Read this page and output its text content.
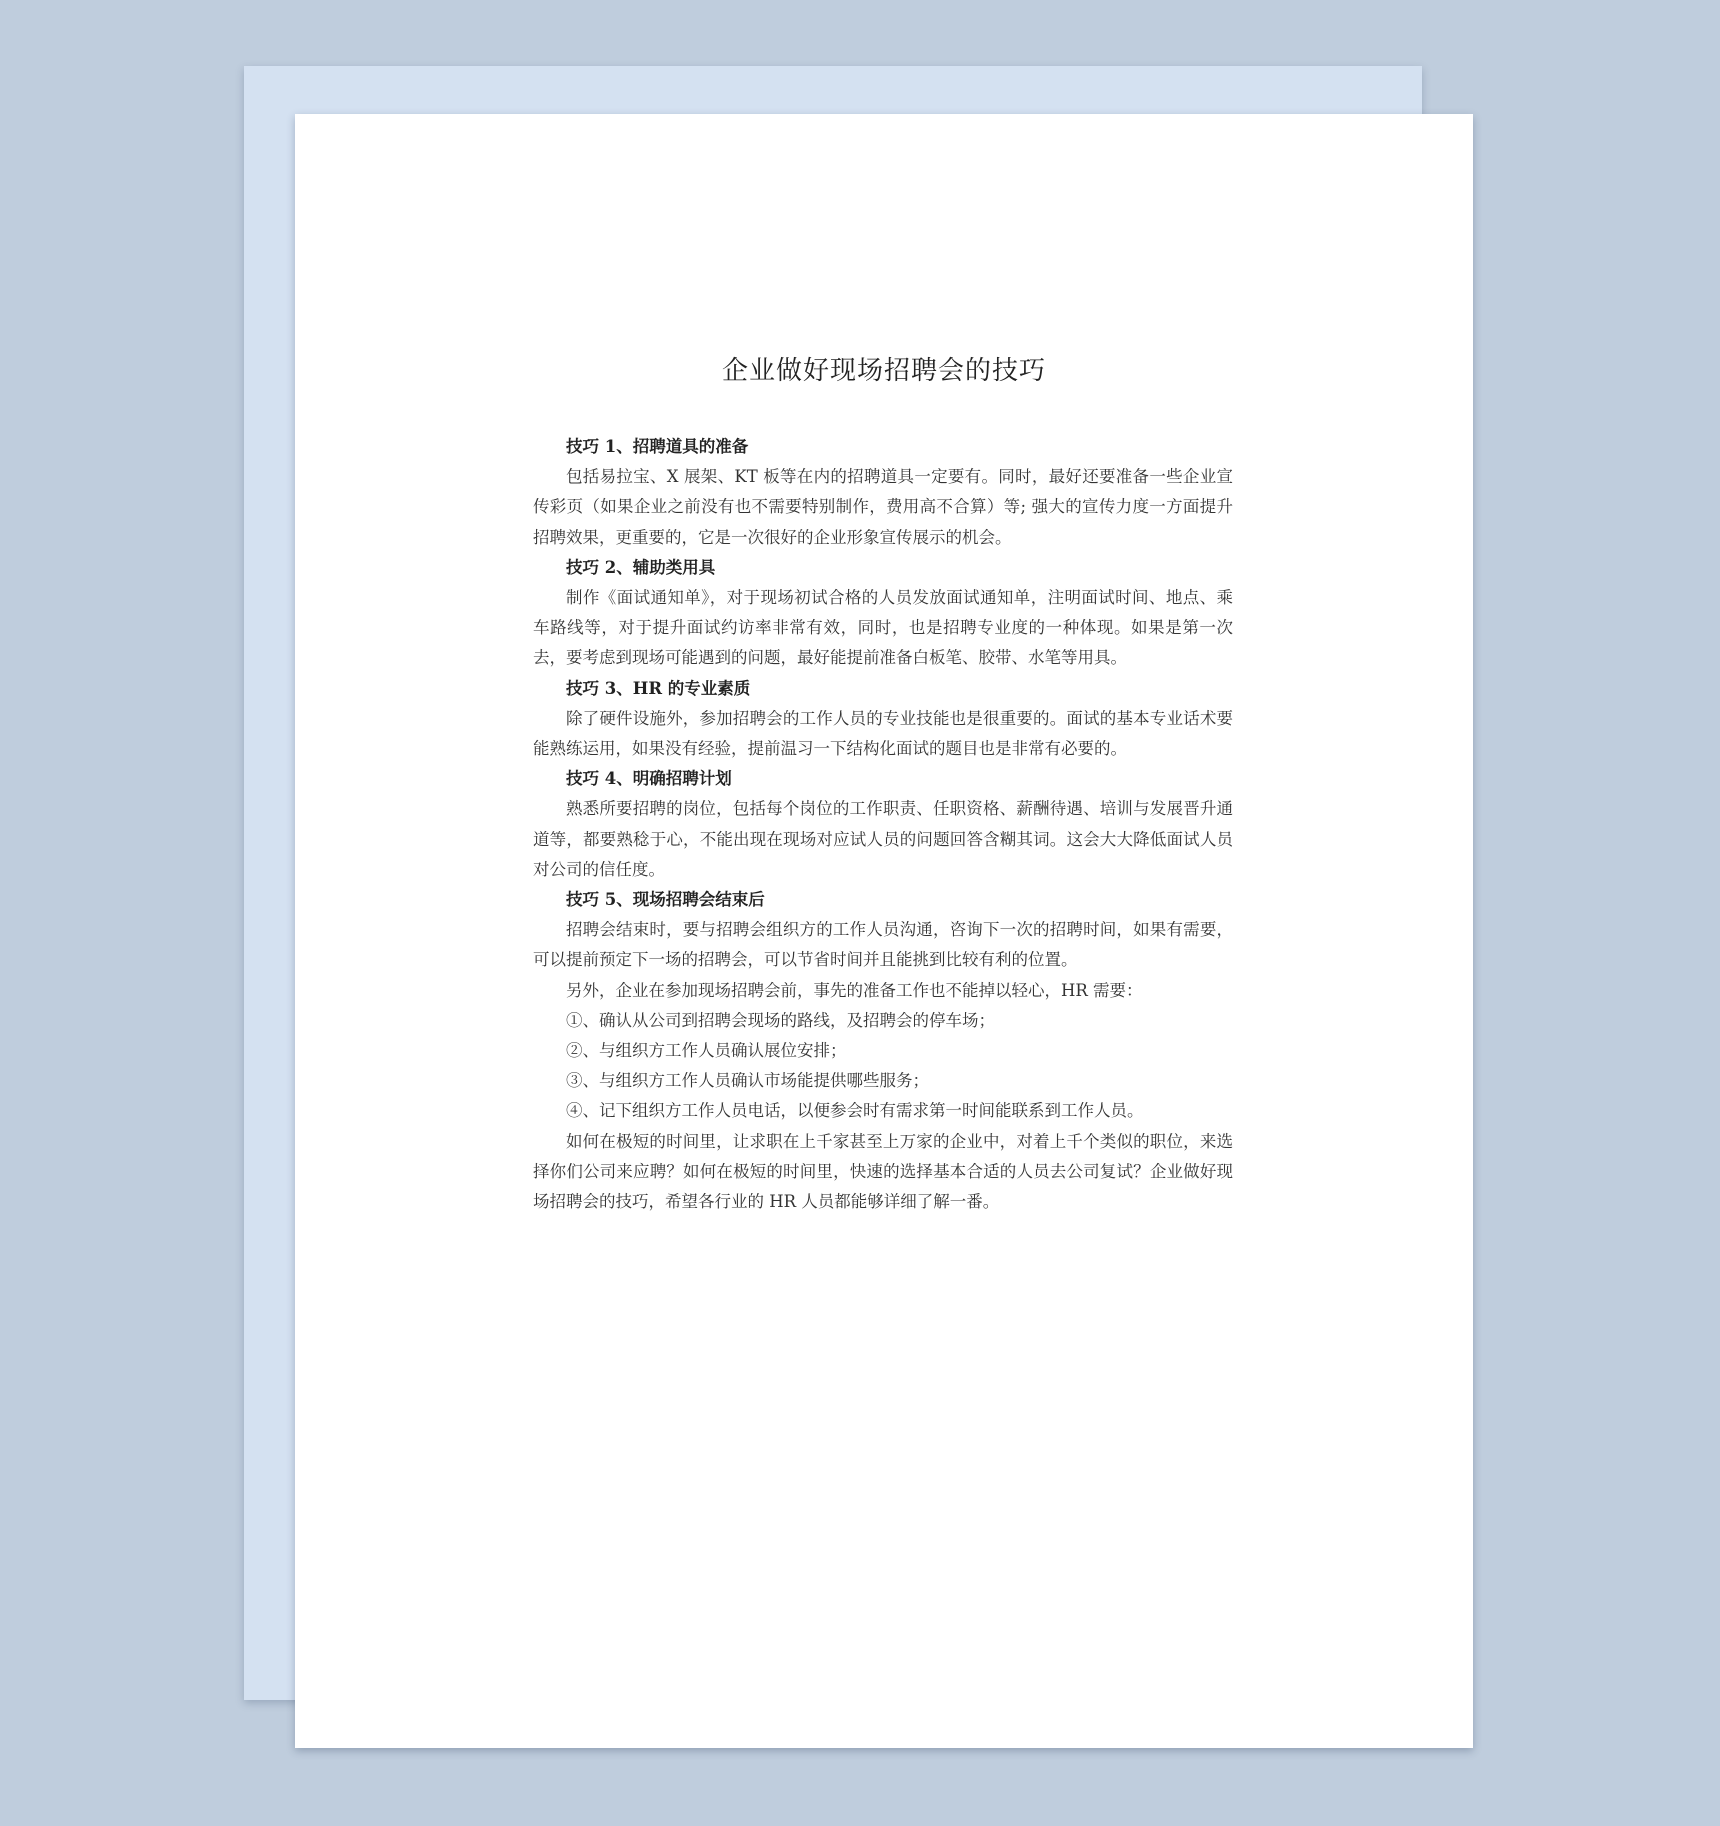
企业做好现场招聘会的技巧

技巧 1、招聘道具的准备

包括易拉宝、X 展架、KT 板等在内的招聘道具一定要有。同时，最好还要准备一些企业宣传彩页（如果企业之前没有也不需要特别制作，费用高不合算）等; 强大的宣传力度一方面提升招聘效果，更重要的，它是一次很好的企业形象宣传展示的机会。

技巧 2、辅助类用具

制作《面试通知单》，对于现场初试合格的人员发放面试通知单，注明面试时间、地点、乘车路线等，对于提升面试约访率非常有效，同时，也是招聘专业度的一种体现。如果是第一次去，要考虑到现场可能遇到的问题，最好能提前准备白板笔、胶带、水笔等用具。

技巧 3、HR 的专业素质

除了硬件设施外，参加招聘会的工作人员的专业技能也是很重要的。面试的基本专业话术要能熟练运用，如果没有经验，提前温习一下结构化面试的题目也是非常有必要的。

技巧 4、明确招聘计划

熟悉所要招聘的岗位，包括每个岗位的工作职责、任职资格、薪酬待遇、培训与发展晋升通道等，都要熟稔于心，不能出现在现场对应试人员的问题回答含糊其词。这会大大降低面试人员对公司的信任度。

技巧 5、现场招聘会结束后

招聘会结束时，要与招聘会组织方的工作人员沟通，咨询下一次的招聘时间，如果有需要，可以提前预定下一场的招聘会，可以节省时间并且能挑到比较有利的位置。

另外，企业在参加现场招聘会前，事先的准备工作也不能掉以轻心，HR 需要：

①、确认从公司到招聘会现场的路线，及招聘会的停车场；

②、与组织方工作人员确认展位安排；

③、与组织方工作人员确认市场能提供哪些服务；

④、记下组织方工作人员电话，以便参会时有需求第一时间能联系到工作人员。

如何在极短的时间里，让求职在上千家甚至上万家的企业中，对着上千个类似的职位，来选择你们公司来应聘？如何在极短的时间里，快速的选择基本合适的人员去公司复试？企业做好现场招聘会的技巧，希望各行业的 HR 人员都能够详细了解一番。
